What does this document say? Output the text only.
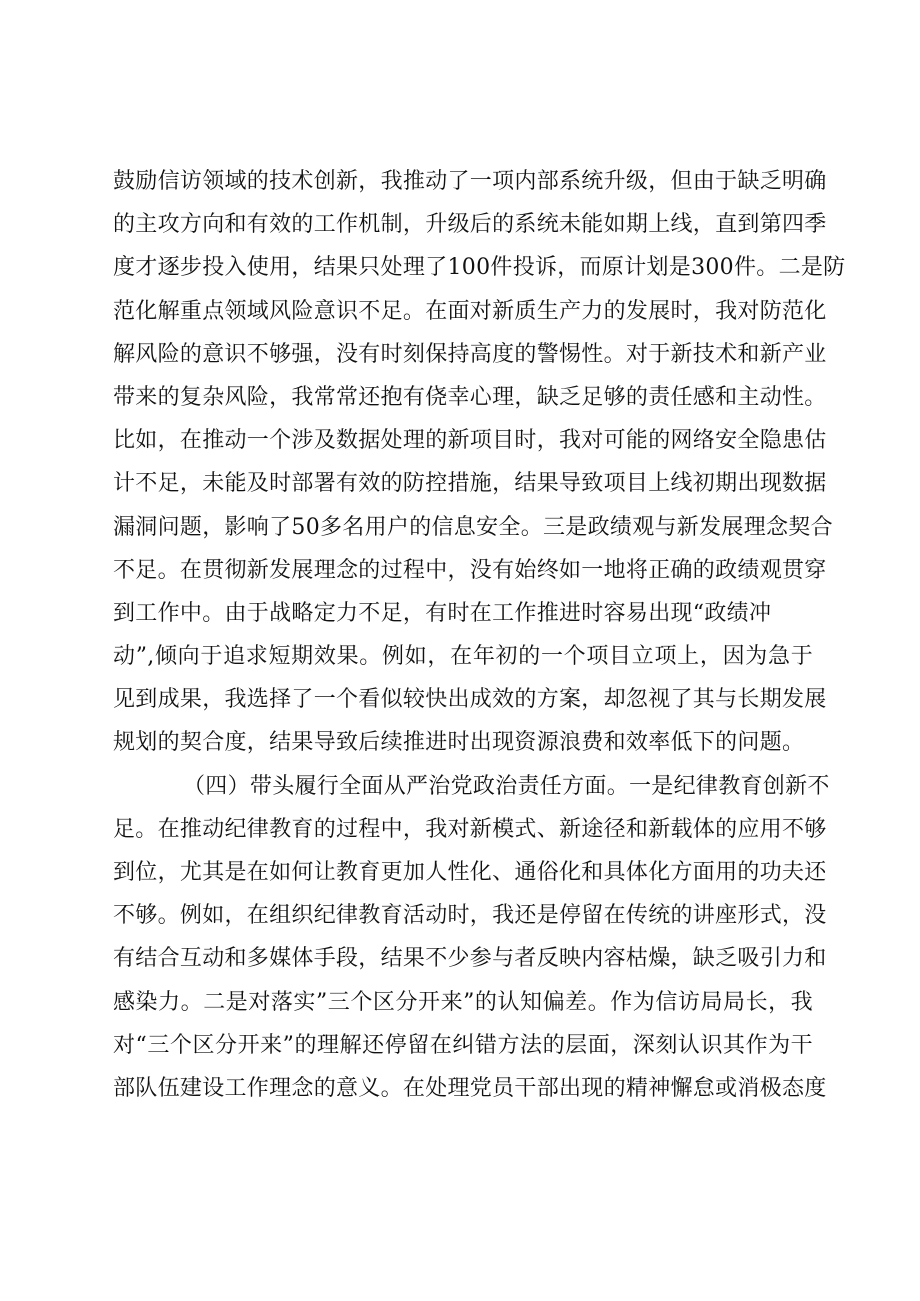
鼓励信访领域的技术创新，我推动了一项内部系统升级，但由于缺乏明确
的主攻方向和有效的工作机制，升级后的系统未能如期上线，直到第四季
度才逐步投入使用，结果只处理了100件投诉，而原计划是300件。二是防
范化解重点领域风险意识不足。在面对新质生产力的发展时，我对防范化
解风险的意识不够强，没有时刻保持高度的警惕性。对于新技术和新产业
带来的复杂风险，我常常还抱有侥幸心理，缺乏足够的责任感和主动性。
比如，在推动一个涉及数据处理的新项目时，我对可能的网络安全隐患估
计不足，未能及时部署有效的防控措施，结果导致项目上线初期出现数据
漏洞问题，影响了50多名用户的信息安全。三是政绩观与新发展理念契合
不足。在贯彻新发展理念的过程中，没有始终如一地将正确的政绩观贯穿
到工作中。由于战略定力不足，有时在工作推进时容易出现“政绩冲
动”,倾向于追求短期效果。例如，在年初的一个项目立项上，因为急于
见到成果，我选择了一个看似较快出成效的方案，却忽视了其与长期发展
规划的契合度，结果导致后续推进时出现资源浪费和效率低下的问题。
（四）带头履行全面从严治党政治责任方面。一是纪律教育创新不
足。在推动纪律教育的过程中，我对新模式、新途径和新载体的应用不够
到位，尤其是在如何让教育更加人性化、通俗化和具体化方面用的功夫还
不够。例如，在组织纪律教育活动时，我还是停留在传统的讲座形式，没
有结合互动和多媒体手段，结果不少参与者反映内容枯燥，缺乏吸引力和
感染力。二是对落实”三个区分开来”的认知偏差。作为信访局局长，我
对“三个区分开来”的理解还停留在纠错方法的层面，深刻认识其作为干
部队伍建设工作理念的意义。在处理党员干部出现的精神懈怠或消极态度
